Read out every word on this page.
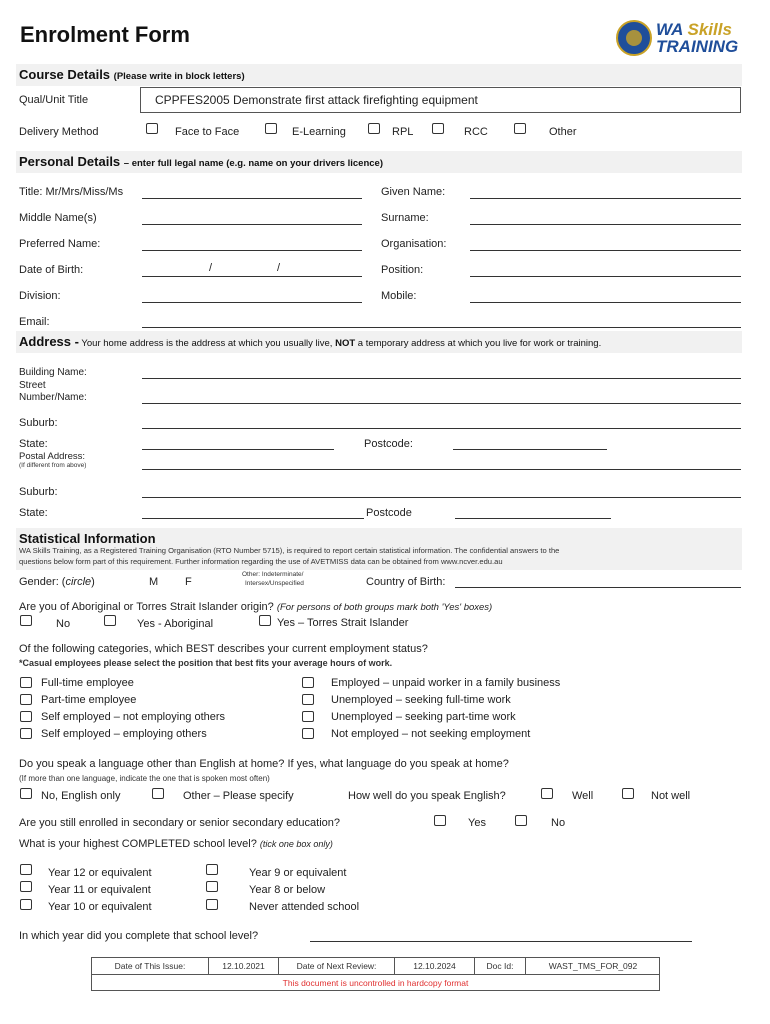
Enrolment Form	WA Skills
TRAINING
Course Details (Please write in block letters)
Qual/Unit Title	CPPFES2005 Demonstrate first attack firefighting equipment
Delivery Method	Face to Face	E-Learning	RPL	RCC	Other
Personal Details – enter full legal name (e.g. name on your drivers licence)
Title: Mr/Mrs/Miss/Ms	Given Name:
Middle Name(s)	Surname:
Preferred Name:	Organisation:
Date of Birth:	/	/	Position:
Division:	Mobile:
Email:
Address - Your home address is the address at which you usually live, NOT a temporary address at which you live for work or training.
Building Name:
Street
Number/Name:
Suburb:
State:	Postcode:
Postal Address:
(If different from above)
Suburb:
State:	Postcode
Statistical Information
WA Skills Training, as a Registered Training Organisation (RTO Number 5715), is required to report certain statistical information. The confidential answers to the
questions below form part of this requirement. Further information regarding the use of AVETMISS data can be obtained from www.ncver.edu.au
Gender: (circle)	M F
Other: Indeterminate/
Intersex/Unspecified	Country of Birth:
Are you of Aboriginal or Torres Strait Islander origin? (For persons of both groups mark both 'Yes' boxes)
No	Yes - Aboriginal	Yes – Torres Strait Islander
Of the following categories, which BEST describes your current employment status?
*Casual employees please select the position that best fits your average hours of work.
Full-time employee
Part-time employee
Self employed – not employing others
Self employed – employing others
Employed – unpaid worker in a family business
Unemployed – seeking full-time work
Unemployed – seeking part-time work
Not employed – not seeking employment
Do you speak a language other than English at home? If yes, what language do you speak at home?
(If more than one language, indicate the one that is spoken most often)
No, English only	Other – Please specify	How well do you speak English?	Well	Not well
Are you still enrolled in secondary or senior secondary education?	Yes	No
What is your highest COMPLETED school level? (tick one box only)
Year 12 or equivalent
Year 11 or equivalent
Year 10 or equivalent
Year 9 or equivalent
Year 8 or below
Never attended school
In which year did you complete that school level?
Date of This Issue:	12.10.2021	Date of Next Review:	12.10.2024	Doc Id:	WAST_TMS_FOR_092
This document is uncontrolled in hardcopy format
